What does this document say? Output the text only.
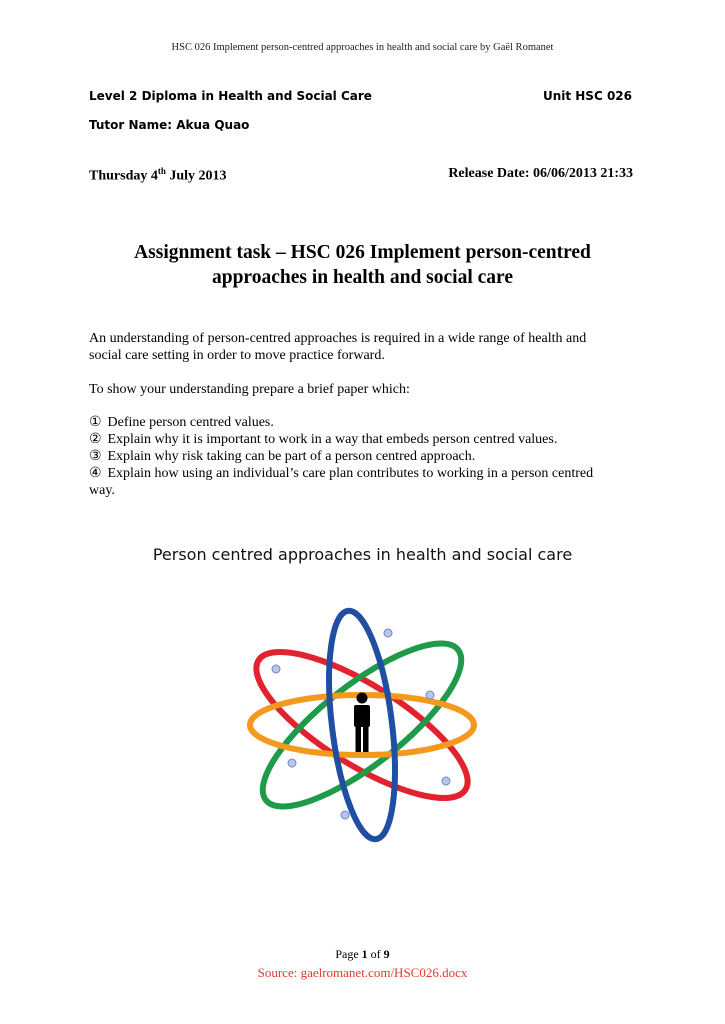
HSC 026 Implement person-centred approaches in health and social care by Gaël Romanet
Level 2 Diploma in Health and Social Care	Unit HSC 026
Tutor Name: Akua Quao
Thursday 4th July 2013	Release Date: 06/06/2013 21:33
Assignment task – HSC 026 Implement person-centred
approaches in health and social care
An understanding of person-centred approaches is required in a wide range of health and
social care setting in order to move practice forward.
To show your understanding prepare a brief paper which:
① Define person centred values.
② Explain why it is important to work in a way that embeds person centred values.
③ Explain why risk taking can be part of a person centred approach.
④ Explain how using an individual’s care plan contributes to working in a person centred
way.
Person centred approaches in health and social care
Page 1 of 9
Source: gaelromanet.com/HSC026.docx
